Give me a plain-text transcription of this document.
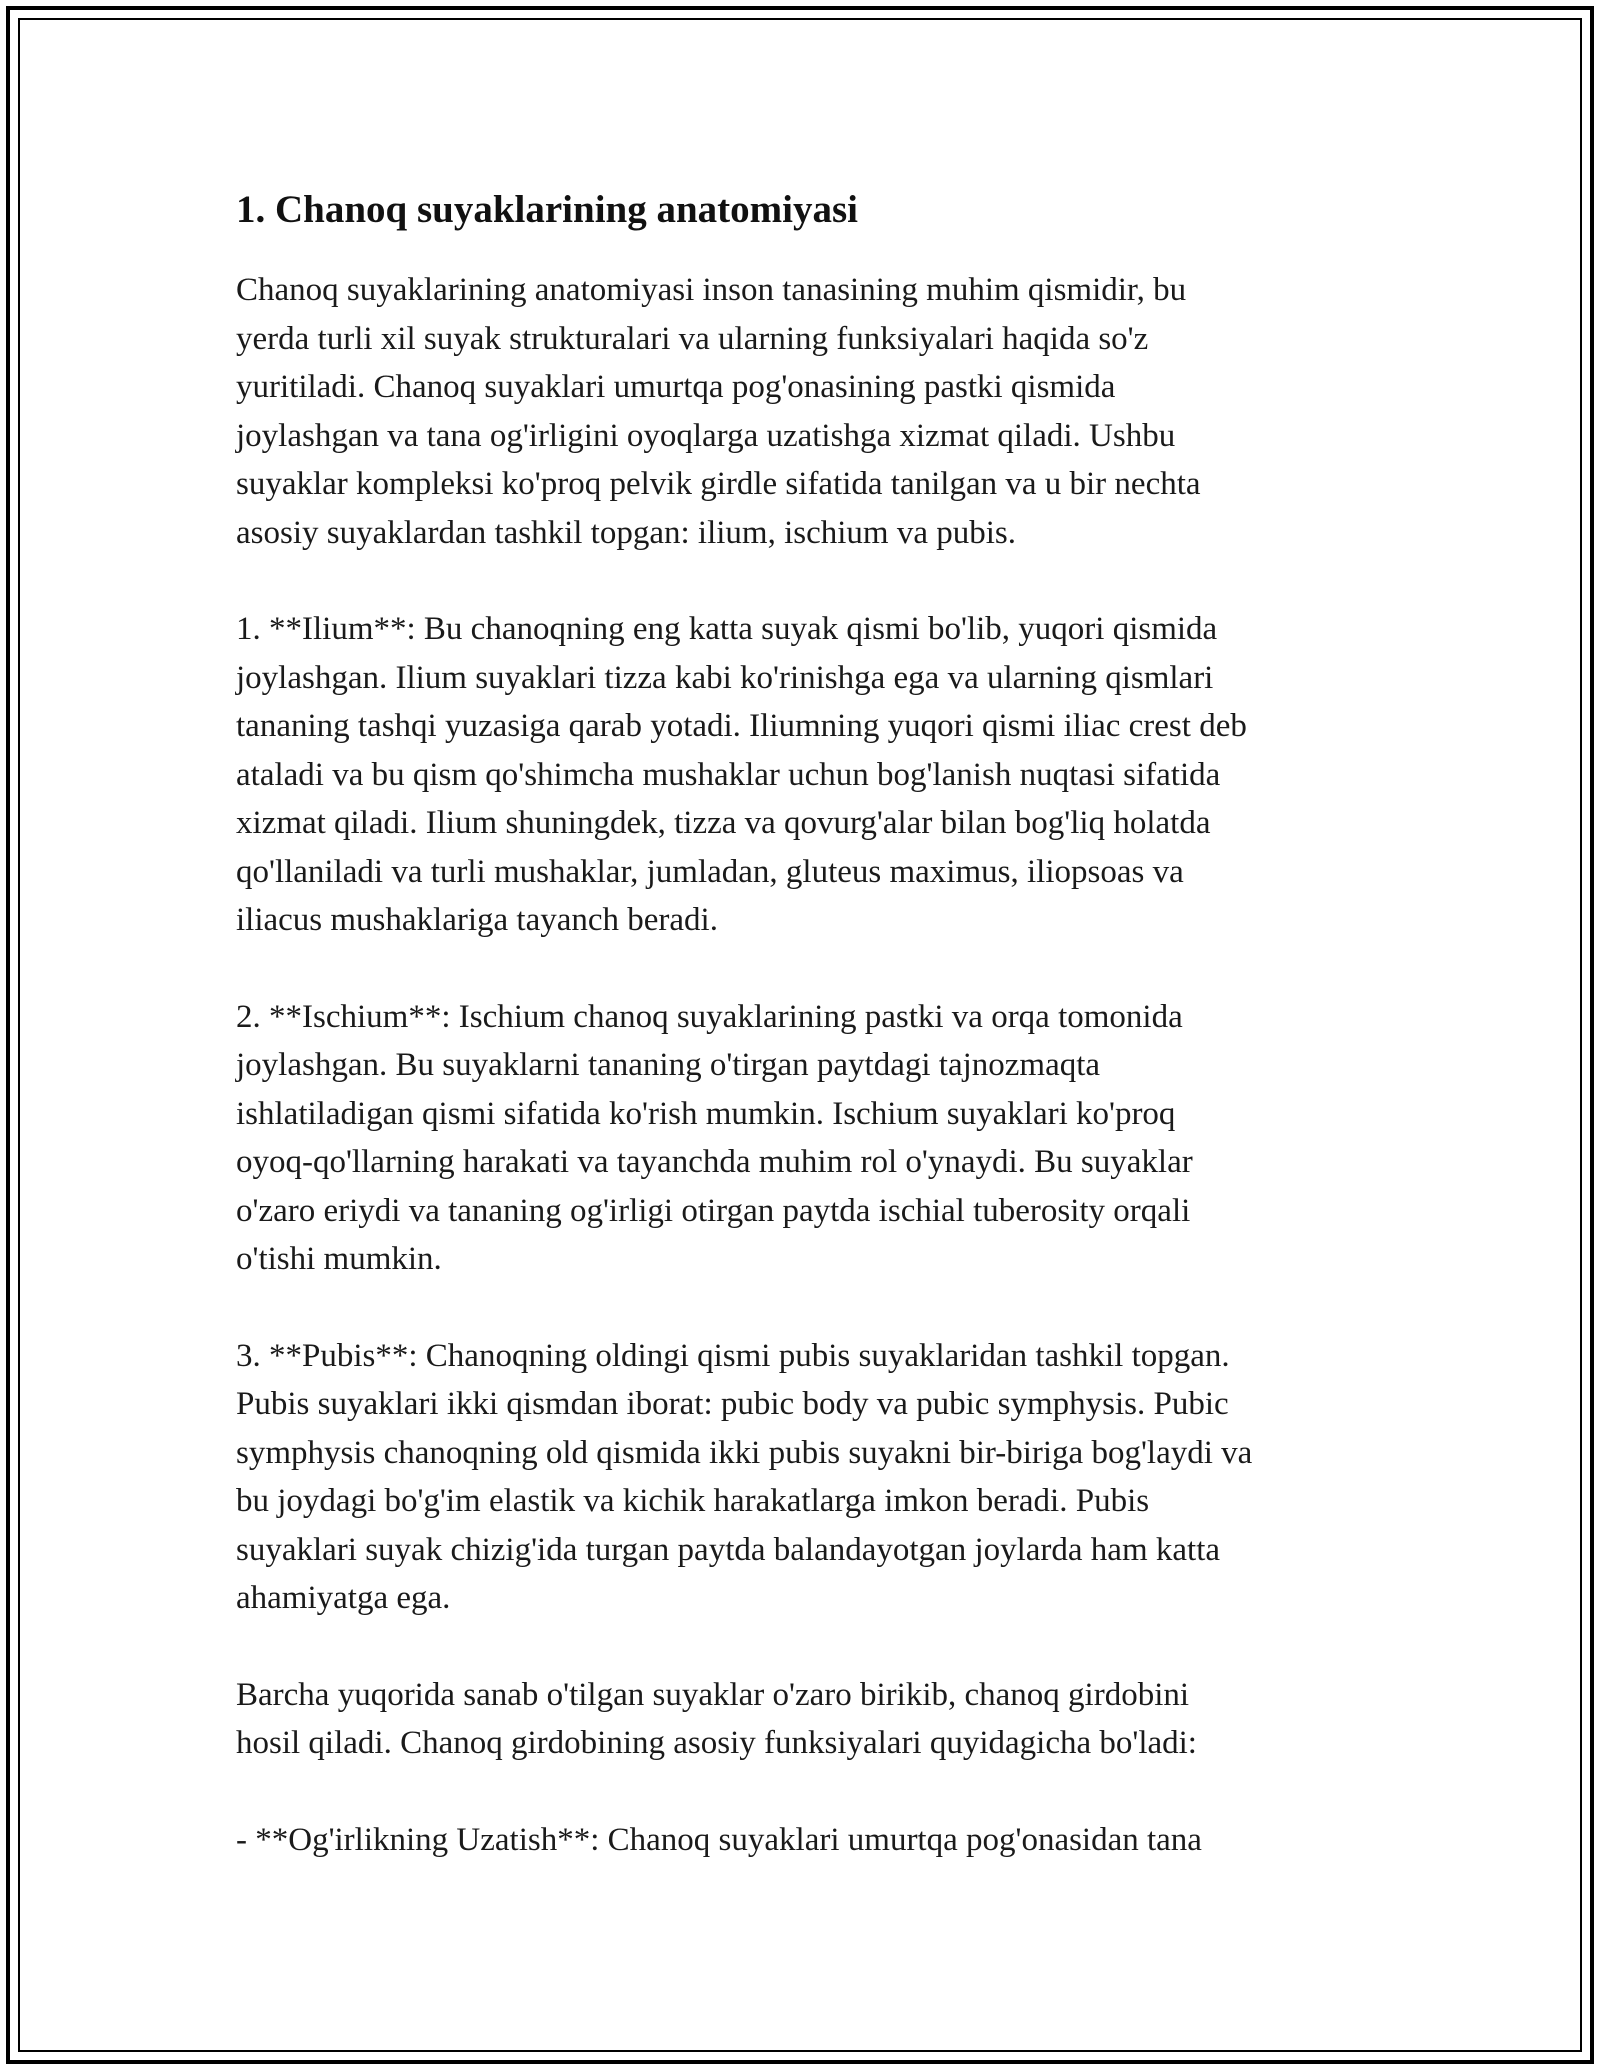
1. Chanoq suyaklarining anatomiyasi

Chanoq suyaklarining anatomiyasi inson tanasining muhim qismidir, bu
yerda turli xil suyak strukturalari va ularning funksiyalari haqida so'z
yuritiladi. Chanoq suyaklari umurtqa pog'onasining pastki qismida
joylashgan va tana og'irligini oyoqlarga uzatishga xizmat qiladi. Ushbu
suyaklar kompleksi ko'proq pelvik girdle sifatida tanilgan va u bir nechta
asosiy suyaklardan tashkil topgan: ilium, ischium va pubis.

1. **Ilium**: Bu chanoqning eng katta suyak qismi bo'lib, yuqori qismida
joylashgan. Ilium suyaklari tizza kabi ko'rinishga ega va ularning qismlari
tananing tashqi yuzasiga qarab yotadi. Iliumning yuqori qismi iliac crest deb
ataladi va bu qism qo'shimcha mushaklar uchun bog'lanish nuqtasi sifatida
xizmat qiladi. Ilium shuningdek, tizza va qovurg'alar bilan bog'liq holatda
qo'llaniladi va turli mushaklar, jumladan, gluteus maximus, iliopsoas va
iliacus mushaklariga tayanch beradi.

2. **Ischium**: Ischium chanoq suyaklarining pastki va orqa tomonida
joylashgan. Bu suyaklarni tananing o'tirgan paytdagi tajnozmaqta
ishlatiladigan qismi sifatida ko'rish mumkin. Ischium suyaklari ko'proq
oyoq-qo'llarning harakati va tayanchda muhim rol o'ynaydi. Bu suyaklar
o'zaro eriydi va tananing og'irligi otirgan paytda ischial tuberosity orqali
o'tishi mumkin.

3. **Pubis**: Chanoqning oldingi qismi pubis suyaklaridan tashkil topgan.
Pubis suyaklari ikki qismdan iborat: pubic body va pubic symphysis. Pubic
symphysis chanoqning old qismida ikki pubis suyakni bir-biriga bog'laydi va
bu joydagi bo'g'im elastik va kichik harakatlarga imkon beradi. Pubis
suyaklari suyak chizig'ida turgan paytda balandayotgan joylarda ham katta
ahamiyatga ega.

Barcha yuqorida sanab o'tilgan suyaklar o'zaro birikib, chanoq girdobini
hosil qiladi. Chanoq girdobining asosiy funksiyalari quyidagicha bo'ladi:

- **Og'irlikning Uzatish**: Chanoq suyaklari umurtqa pog'onasidan tana
